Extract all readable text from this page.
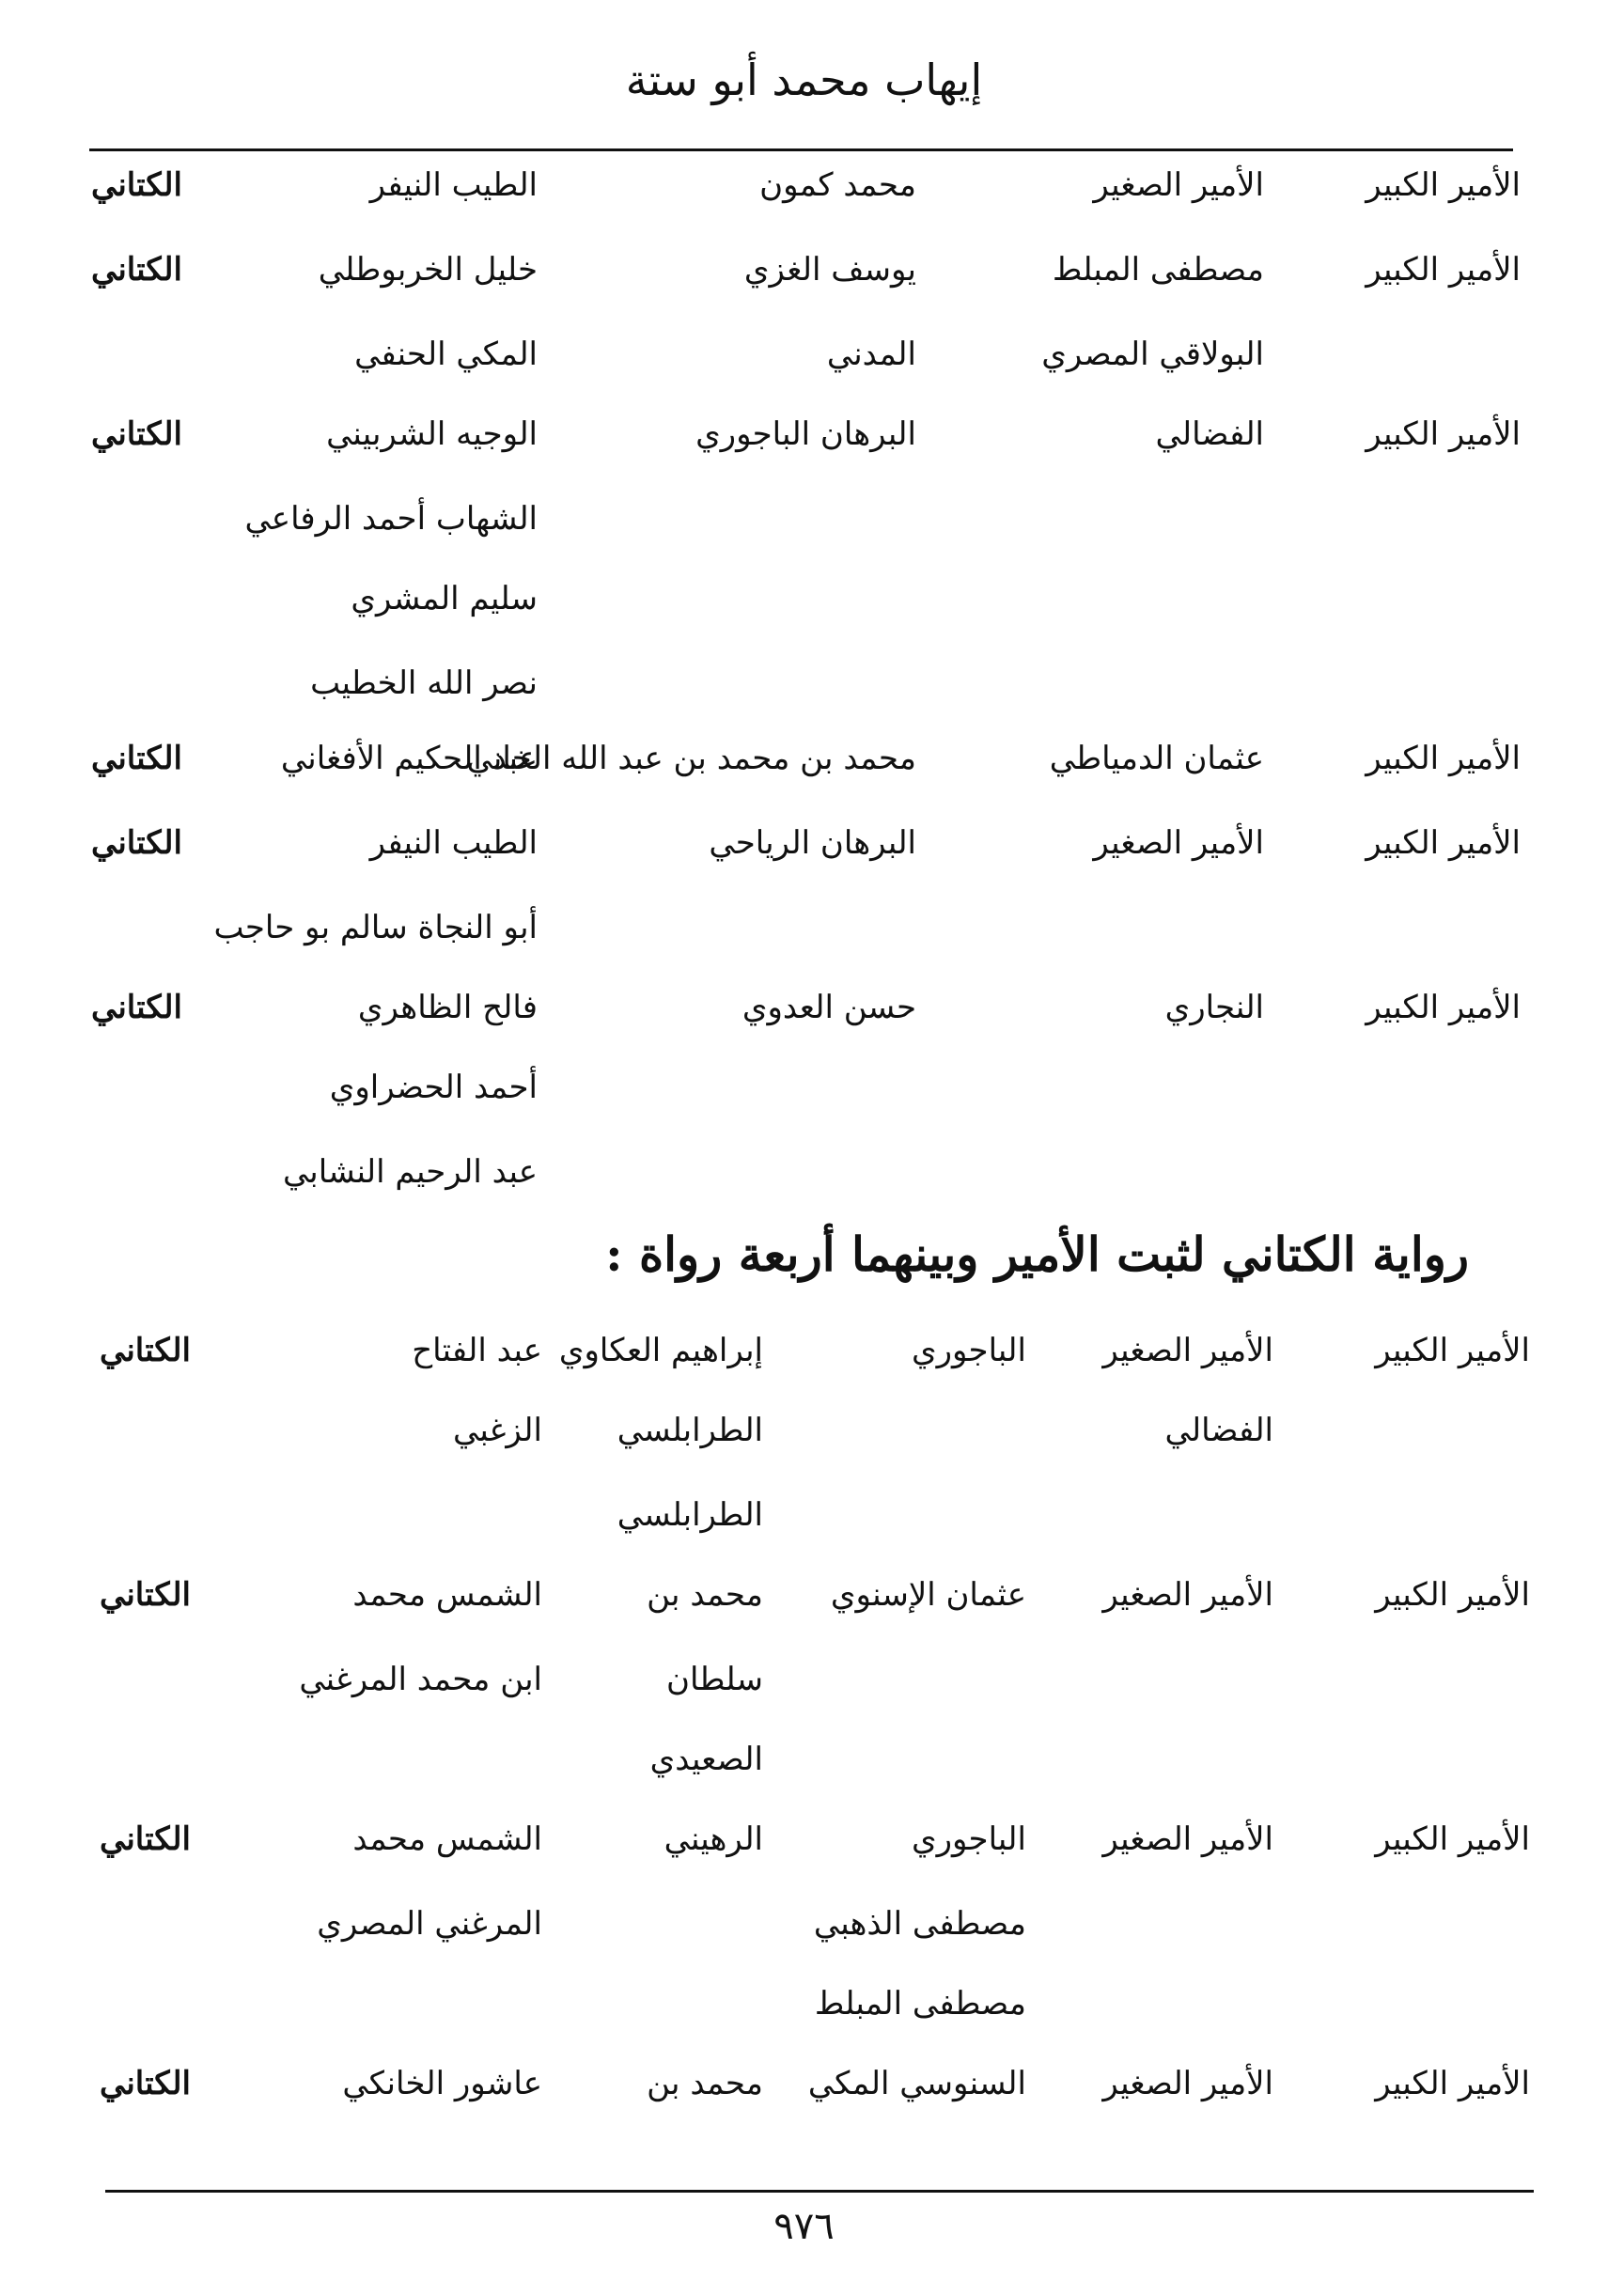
إيهاب محمد أبو ستة
الأمير الكبير
الأمير الصغير
محمد كمون
الطيب النيفر
الكتاني
الأمير الكبير
مصطفى المبلط
يوسف الغزي
خليل الخربوطلي
الكتاني
البولاقي المصري
المدني
المكي الحنفي
الأمير الكبير
الفضالي
البرهان الباجوري
الوجيه الشربيني
الكتاني
الشهاب أحمد الرفاعي
سليم المشري
نصر الله الخطيب
الأمير الكبير
عثمان الدمياطي
محمد بن محمد بن عبد الله الخاني
عبد الحكيم الأفغاني
الكتاني
الأمير الكبير
الأمير الصغير
البرهان الرياحي
الطيب النيفر
الكتاني
أبو النجاة سالم بو حاجب
الأمير الكبير
النجاري
حسن العدوي
فالح الظاهري
الكتاني
أحمد الحضراوي
عبد الرحيم النشابي
الأمير الكبير
الأمير الصغير
الباجوري
إبراهيم العكاوي
عبد الفتاح
الكتاني
الفضالي
الطرابلسي
الزغبي
الطرابلسي
الأمير الكبير
الأمير الصغير
عثمان الإسنوي
محمد بن
الشمس محمد
الكتاني
سلطان
ابن محمد المرغني
الصعيدي
الأمير الكبير
الأمير الصغير
الباجوري
الرهيني
الشمس محمد
الكتاني
مصطفى الذهبي
المرغني المصري
مصطفى المبلط
الأمير الكبير
الأمير الصغير
السنوسي المكي
محمد بن
عاشور الخانكي
الكتاني
رواية الكتاني لثبت الأمير وبينهما أربعة رواة :
٩٧٦
